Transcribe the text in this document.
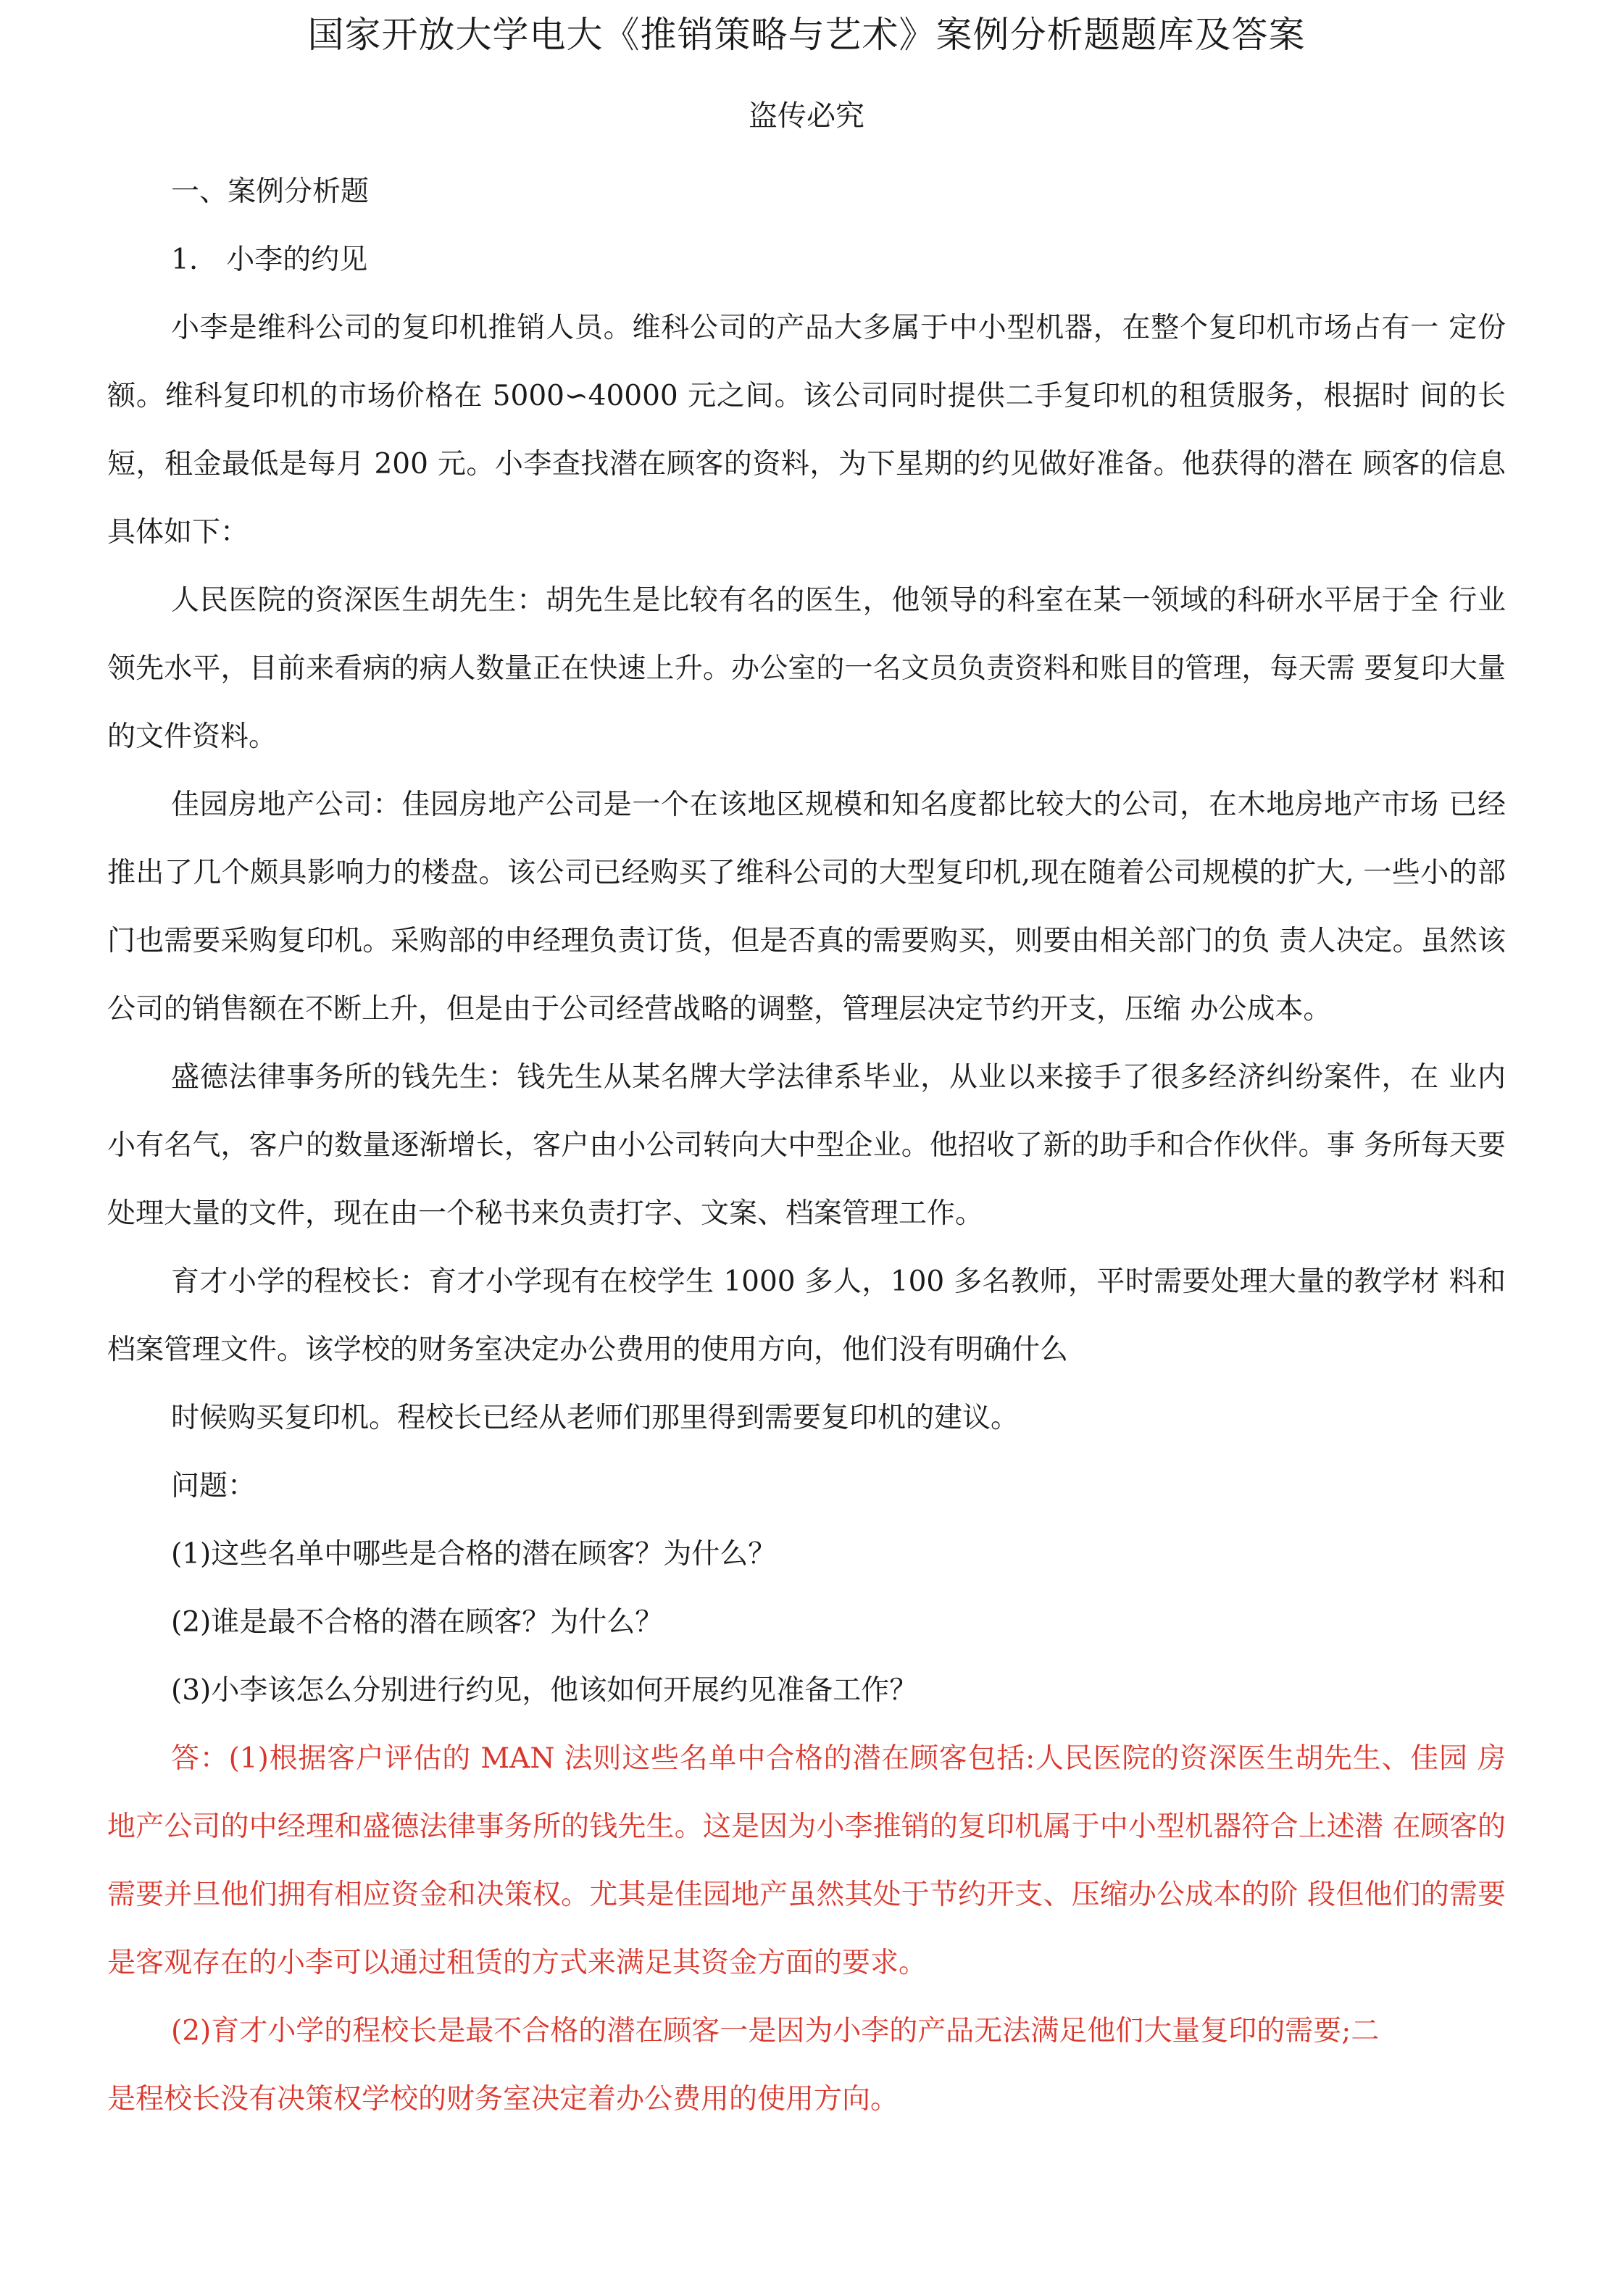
国家开放大学电大《推销策略与艺术》案例分析题题库及答案
盗传必究

一、案例分析题

1.　小李的约见

小李是维科公司的复印机推销人员。维科公司的产品大多属于中小型机器，在整个复印机市场占有一 定份额。维科复印机的市场价格在 5000∽40000 元之间。该公司同时提供二手复印机的租赁服务，根据时 间的长短，租金最低是每月 200 元。小李查找潜在顾客的资料，为下星期的约见做好准备。他获得的潜在 顾客的信息具体如下：

人民医院的资深医生胡先生：胡先生是比较有名的医生，他领导的科室在某一领域的科研水平居于全 行业领先水平，目前来看病的病人数量正在快速上升。办公室的一名文员负责资料和账目的管理，每天需 要复印大量的文件资料。

佳园房地产公司：佳园房地产公司是一个在该地区规模和知名度都比较大的公司，在木地房地产市场 已经推出了几个颇具影响力的楼盘。该公司已经购买了维科公司的大型复印机,现在随着公司规模的扩大, 一些小的部门也需要采购复印机。采购部的申经理负责订货，但是否真的需要购买，则要由相关部门的负 责人决定。虽然该公司的销售额在不断上升，但是由于公司经营战略的调整，管理层决定节约开支，压缩 办公成本。

盛德法律事务所的钱先生：钱先生从某名牌大学法律系毕业，从业以来接手了很多经济纠纷案件，在 业内小有名气，客户的数量逐渐增长，客户由小公司转向大中型企业。他招收了新的助手和合作伙伴。事 务所每天要处理大量的文件，现在由一个秘书来负责打字、文案、档案管理工作。

育才小学的程校长：育才小学现有在校学生 1000 多人，100 多名教师，平时需要处理大量的教学材 料和档案管理文件。该学校的财务室决定办公费用的使用方向，他们没有明确什么

时候购买复印机。程校长已经从老师们那里得到需要复印机的建议。

问题：

(1)这些名单中哪些是合格的潜在顾客？为什么？

(2)谁是最不合格的潜在顾客？为什么？

(3)小李该怎么分别进行约见，他该如何开展约见准备工作？

答：(1)根据客户评估的 MAN 法则这些名单中合格的潜在顾客包括:人民医院的资深医生胡先生、佳园 房地产公司的中经理和盛德法律事务所的钱先生。这是因为小李推销的复印机属于中小型机器符合上述潜 在顾客的需要并旦他们拥有相应资金和决策权。尤其是佳园地产虽然其处于节约开支、压缩办公成本的阶 段但他们的需要是客观存在的小李可以通过租赁的方式来满足其资金方面的要求。

(2)育才小学的程校长是最不合格的潜在顾客一是因为小李的产品无法满足他们大量复印的需要;二

是程校长没有决策权学校的财务室决定着办公费用的使用方向。
